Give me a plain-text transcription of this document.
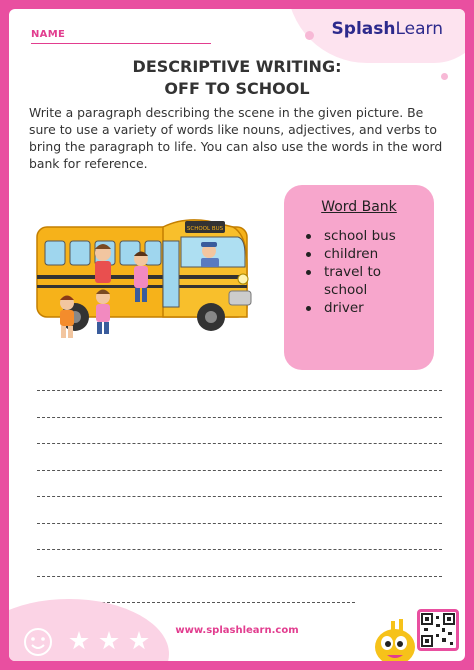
NAME	SplashLearn
DESCRIPTIVE WRITING:
OFF TO SCHOOL

Write a paragraph describing the scene in the given picture. Be sure to use a variety of words like nouns, adjectives, and verbs to bring the paragraph to life. You can also use the words in the word bank for reference.

SCHOOL BUS
Word Bank
school bus
children
travel to school
driver
www.splashlearn.com
